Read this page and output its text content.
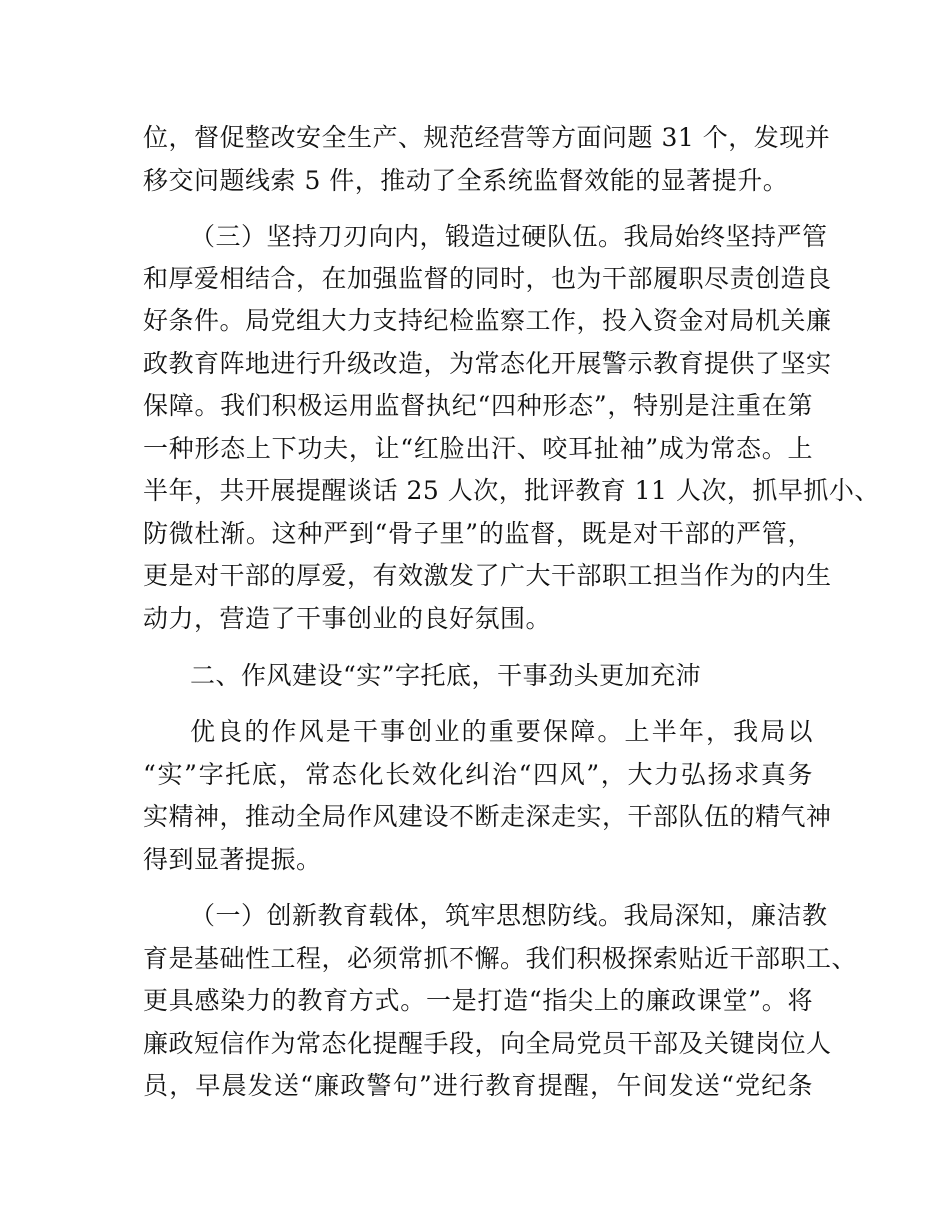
位，督促整改安全生产、规范经营等方面问题 31 个，发现并
移交问题线索 5 件，推动了全系统监督效能的显著提升。
（三）坚持刀刃向内，锻造过硬队伍。我局始终坚持严管
和厚爱相结合，在加强监督的同时，也为干部履职尽责创造良
好条件。局党组大力支持纪检监察工作，投入资金对局机关廉
政教育阵地进行升级改造，为常态化开展警示教育提供了坚实
保障。我们积极运用监督执纪“四种形态”，特别是注重在第
一种形态上下功夫，让“红脸出汗、咬耳扯袖”成为常态。上
半年，共开展提醒谈话 25 人次，批评教育 11 人次，抓早抓小、
防微杜渐。这种严到“骨子里”的监督，既是对干部的严管，
更是对干部的厚爱，有效激发了广大干部职工担当作为的内生
动力，营造了干事创业的良好氛围。
二、作风建设“实”字托底，干事劲头更加充沛
优良的作风是干事创业的重要保障。上半年，我局以
“实”字托底，常态化长效化纠治“四风”，大力弘扬求真务
实精神，推动全局作风建设不断走深走实，干部队伍的精气神
得到显著提振。
（一）创新教育载体，筑牢思想防线。我局深知，廉洁教
育是基础性工程，必须常抓不懈。我们积极探索贴近干部职工、
更具感染力的教育方式。一是打造“指尖上的廉政课堂”。将
廉政短信作为常态化提醒手段，向全局党员干部及关键岗位人
员，早晨发送“廉政警句”进行教育提醒，午间发送“党纪条
